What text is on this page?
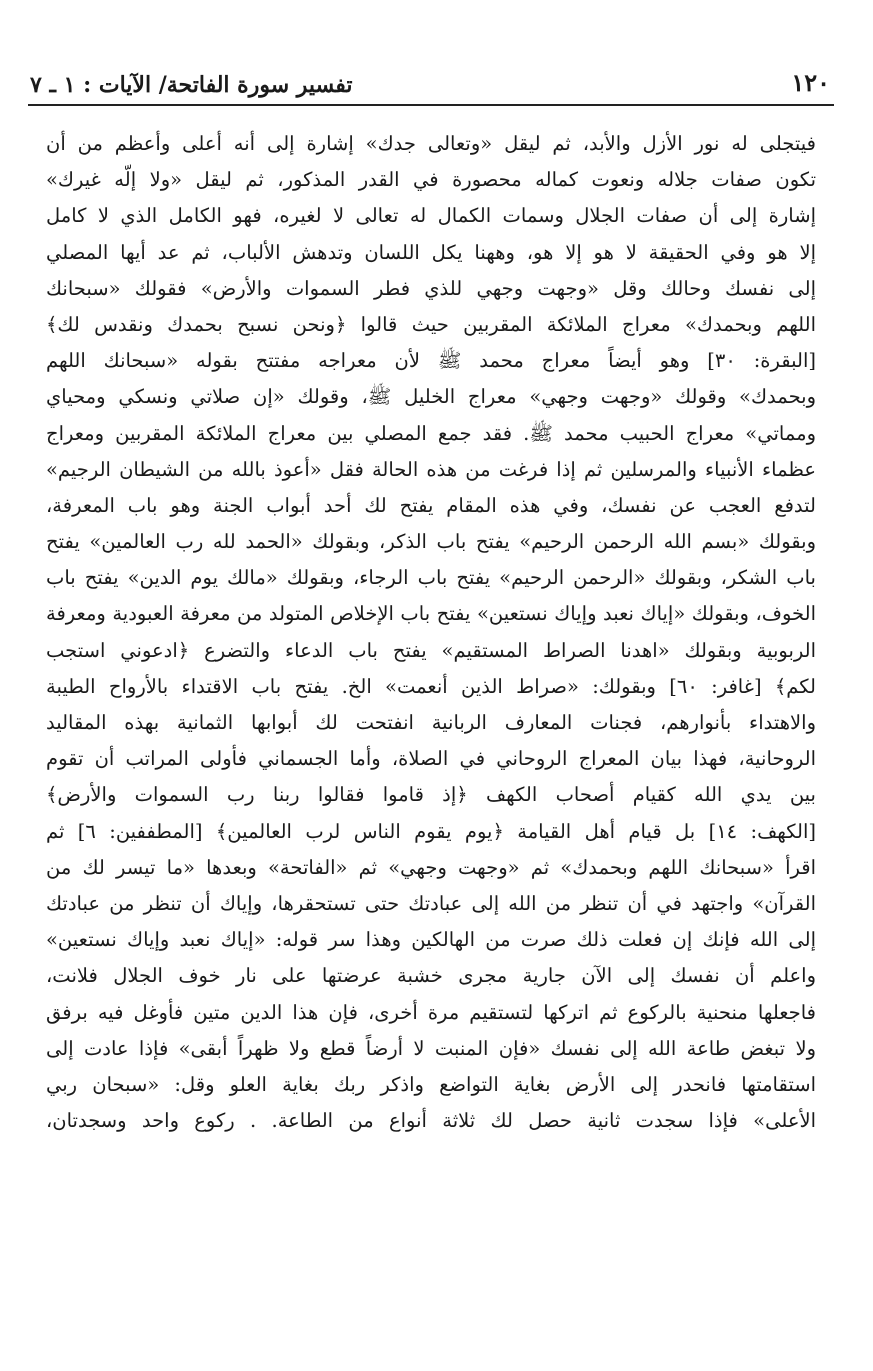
١٢٠
تفسير سورة الفاتحة/ الآيات : ١ ـ ٧
فيتجلى له نور الأزل والأبد، ثم ليقل «وتعالى جدك» إشارة إلى أنه أعلى وأعظم من أن
تكون صفات جلاله ونعوت كماله محصورة في القدر المذكور، ثم ليقل «ولا إلّه غيرك»
إشارة إلى أن صفات الجلال وسمات الكمال له تعالى لا لغيره، فهو الكامل الذي لا كامل
إلا هو وفي الحقيقة لا هو إلا هو، وههنا يكل اللسان وتدهش الألباب، ثم عد أيها المصلي
إلى نفسك وحالك وقل «وجهت وجهي للذي فطر السموات والأرض» فقولك «سبحانك
اللهم وبحمدك» معراج الملائكة المقربين حيث قالوا ﴿ونحن نسبح بحمدك ونقدس لك﴾
[البقرة: ٣٠] وهو أيضاً معراج محمد ﷺ لأن معراجه مفتتح بقوله «سبحانك اللهم
وبحمدك» وقولك «وجهت وجهي» معراج الخليل ﷺ، وقولك «إن صلاتي ونسكي ومحياي
ومماتي» معراج الحبيب محمد ﷺ. فقد جمع المصلي بين معراج الملائكة المقربين ومعراج
عظماء الأنبياء والمرسلين ثم إذا فرغت من هذه الحالة فقل «أعوذ بالله من الشيطان الرجيم»
لتدفع العجب عن نفسك، وفي هذه المقام يفتح لك أحد أبواب الجنة وهو باب المعرفة،
وبقولك «بسم الله الرحمن الرحيم» يفتح باب الذكر، وبقولك «الحمد لله رب العالمين» يفتح
باب الشكر، وبقولك «الرحمن الرحيم» يفتح باب الرجاء، وبقولك «مالك يوم الدين» يفتح باب
الخوف، وبقولك «إياك نعبد وإياك نستعين» يفتح باب الإخلاص المتولد من معرفة العبودية ومعرفة
الربوبية وبقولك «اهدنا الصراط المستقيم» يفتح باب الدعاء والتضرع ﴿ادعوني استجب
لكم﴾ [غافر: ٦٠] وبقولك: «صراط الذين أنعمت» الخ. يفتح باب الاقتداء بالأرواح الطيبة
والاهتداء بأنوارهم، فجنات المعارف الربانية انفتحت لك أبوابها الثمانية بهذه المقاليد
الروحانية، فهذا بيان المعراج الروحاني في الصلاة، وأما الجسماني فأولى المراتب أن تقوم
بين يدي الله كقيام أصحاب الكهف ﴿إذ قاموا فقالوا ربنا رب السموات والأرض﴾
[الكهف: ١٤] بل قيام أهل القيامة ﴿يوم يقوم الناس لرب العالمين﴾ [المطففين: ٦] ثم
اقرأ «سبحانك اللهم وبحمدك» ثم «وجهت وجهي» ثم «الفاتحة» وبعدها «ما تيسر لك من
القرآن» واجتهد في أن تنظر من الله إلى عبادتك حتى تستحقرها، وإياك أن تنظر من عبادتك
إلى الله فإنك إن فعلت ذلك صرت من الهالكين وهذا سر قوله: «إياك نعبد وإياك نستعين»
واعلم أن نفسك إلى الآن جارية مجرى خشبة عرضتها على نار خوف الجلال فلانت،
فاجعلها منحنية بالركوع ثم اتركها لتستقيم مرة أخرى، فإن هذا الدين متين فأوغل فيه برفق
ولا تبغض طاعة الله إلى نفسك «فإن المنبت لا أرضاً قطع ولا ظهراً أبقى» فإذا عادت إلى
استقامتها فانحدر إلى الأرض بغاية التواضع واذكر ربك بغاية العلو وقل: «سبحان ربي
الأعلى» فإذا سجدت ثانية حصل لك ثلاثة أنواع من الطاعة. . ركوع واحد وسجدتان،
